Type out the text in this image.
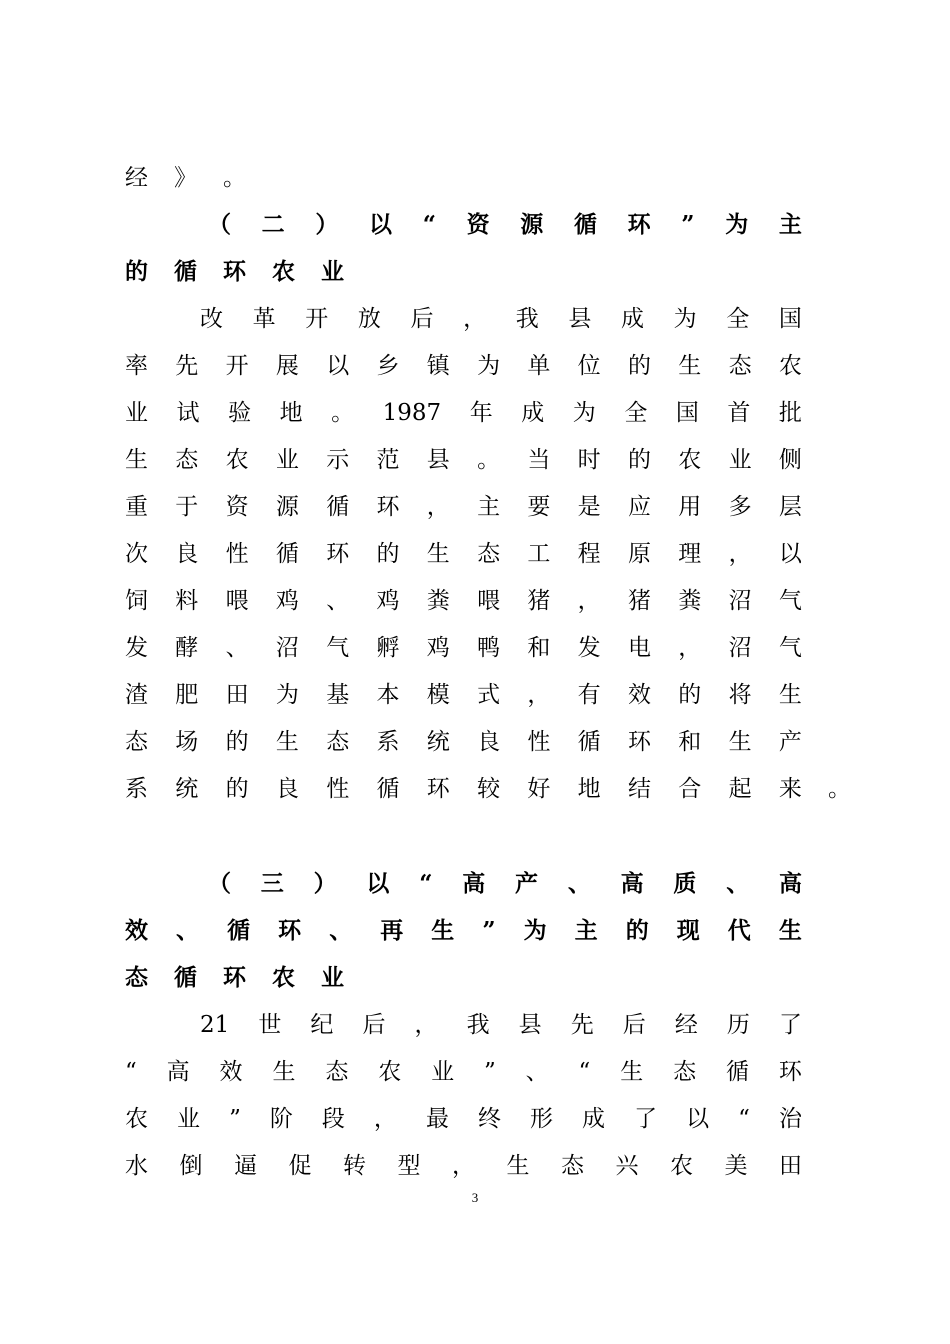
经 》 。
（ 二 ） 以 “ 资 源 循 环 ” 为 主
的 循 环 农 业
改 革 开 放 后 ， 我 县 成 为 全 国
率 先 开 展 以 乡 镇 为 单 位 的 生 态 农
业 试 验 地 。 1987 年 成 为 全 国 首 批
生 态 农 业 示 范 县 。 当 时 的 农 业 侧
重 于 资 源 循 环 ， 主 要 是 应 用 多 层
次 良 性 循 环 的 生 态 工 程 原 理 ， 以
饲 料 喂 鸡 、 鸡 粪 喂 猪 ， 猪 粪 沼 气
发 酵 、 沼 气 孵 鸡 鸭 和 发 电 ， 沼 气
渣 肥 田 为 基 本 模 式 ， 有 效 的 将 生
态 场 的 生 态 系 统 良 性 循 环 和 生 产
系 统 的 良 性 循 环 较 好 地 结 合 起 来 。
（ 三 ） 以 “ 高 产 、 高 质 、 高
效 、 循 环 、 再 生 ” 为 主 的 现 代 生
态 循 环 农 业
21 世 纪 后 ， 我 县 先 后 经 历 了
“ 高 效 生 态 农 业 ” 、 “ 生 态 循 环
农 业 ” 阶 段 ， 最 终 形 成 了 以 “ 治
水 倒 逼 促 转 型 ， 生 态 兴 农 美 田
3
